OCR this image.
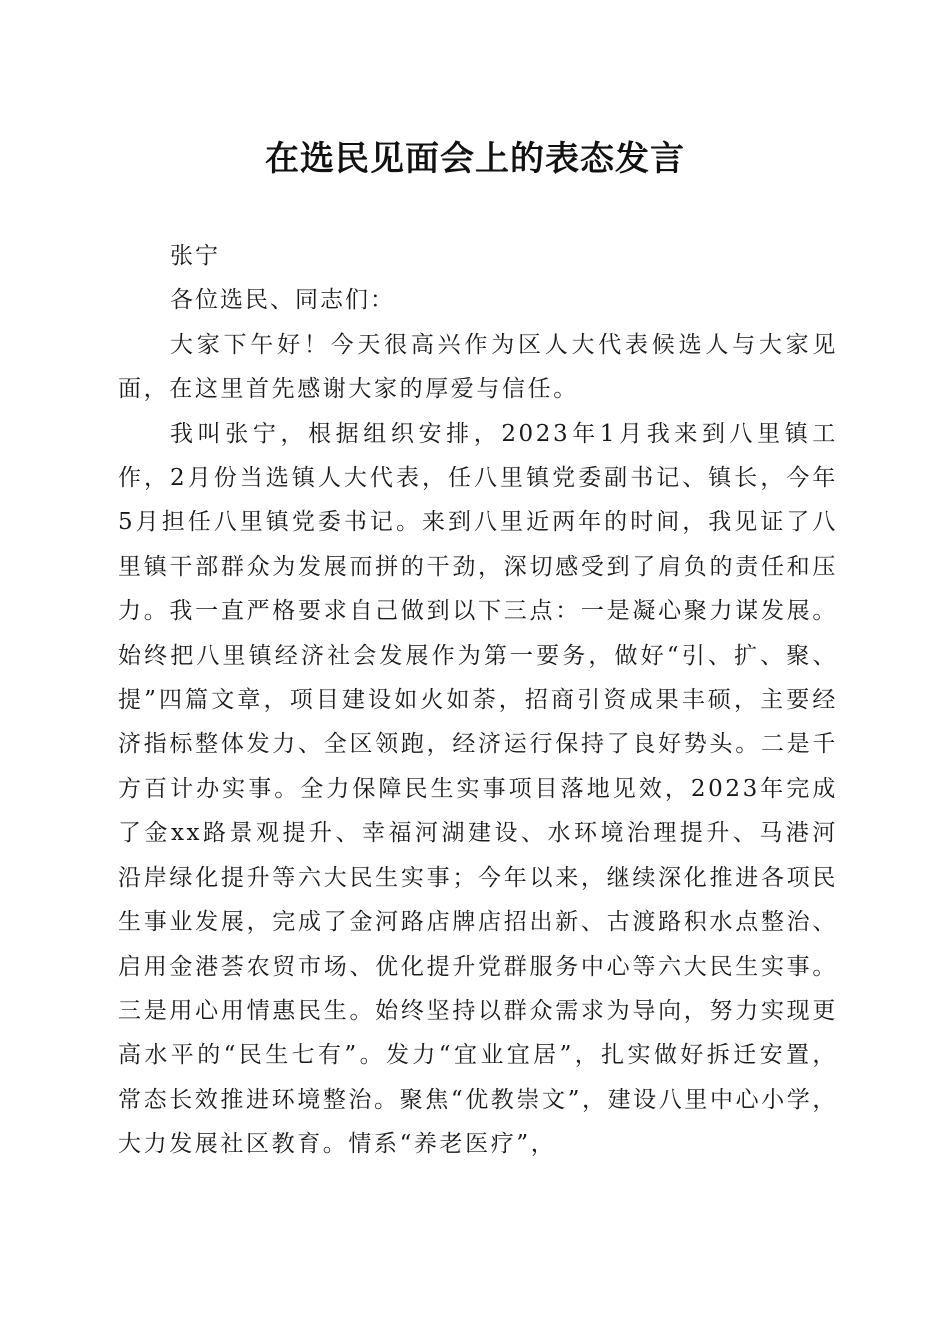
在选民见面会上的表态发言

张宁

各位选民、同志们：

大家下午好！今天很高兴作为区人大代表候选人与大家见面，在这里首先感谢大家的厚爱与信任。

我叫张宁，根据组织安排，2023年1月我来到八里镇工作，2月份当选镇人大代表，任八里镇党委副书记、镇长，今年5月担任八里镇党委书记。来到八里近两年的时间，我见证了八里镇干部群众为发展而拼的干劲，深切感受到了肩负的责任和压力。我一直严格要求自己做到以下三点：一是凝心聚力谋发展。始终把八里镇经济社会发展作为第一要务，做好“引、扩、聚、提”四篇文章，项目建设如火如荼，招商引资成果丰硕，主要经济指标整体发力、全区领跑，经济运行保持了良好势头。二是千方百计办实事。全力保障民生实事项目落地见效，2023年完成了金xx路景观提升、幸福河湖建设、水环境治理提升、马港河沿岸绿化提升等六大民生实事；今年以来，继续深化推进各项民生事业发展，完成了金河路店牌店招出新、古渡路积水点整治、启用金港荟农贸市场、优化提升党群服务中心等六大民生实事。三是用心用情惠民生。始终坚持以群众需求为导向，努力实现更高水平的“民生七有”。发力“宜业宜居”，扎实做好拆迁安置，常态长效推进环境整治。聚焦“优教崇文”，建设八里中心小学，大力发展社区教育。情系“养老医疗”，
